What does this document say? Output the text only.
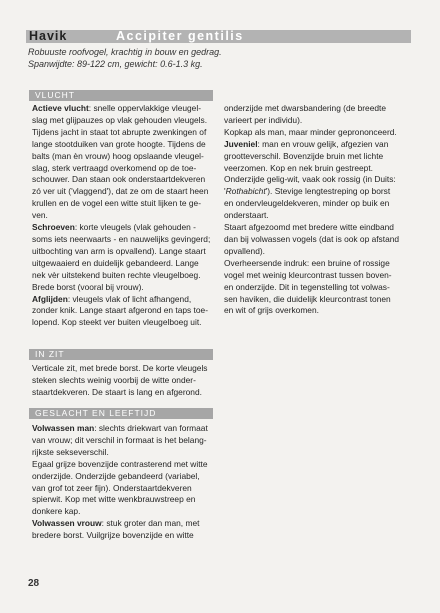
Havik	Accipiter gentilis
Robuuste roofvogel, krachtig in bouw en gedrag.
Spanwijdte: 89-122 cm, gewicht: 0.6-1.3 kg.
VLUCHT
Actieve vlucht: snelle oppervlakkige vleugel-
slag met glijpauzes op vlak gehouden vleugels.
Tijdens jacht in staat tot abrupte zwenkingen of
lange stootduiken van grote hoogte. Tijdens de
balts (man èn vrouw) hoog opslaande vleugel-
slag, sterk vertraagd overkomend op de toe-
schouwer. Dan staan ook onderstaartdekveren
zó ver uit ('vlaggend'), dat ze om de staart heen
krullen en de vogel een witte stuit lijken te ge-
ven.
Schroeven: korte vleugels (vlak gehouden -
soms iets neerwaarts - en nauwelijks gevingerd;
uitbochting van arm is opvallend). Lange staart
uitgewaaierd en duidelijk gebandeerd. Lange
nek vèr uitstekend buiten rechte vleugelboeg.
Brede borst (vooral bij vrouw).
Afglijden: vleugels vlak of licht afhangend,
zonder knik. Lange staart afgerond en taps toe-
lopend. Kop steekt ver buiten vleugelboeg uit.
IN ZIT
Verticale zit, met brede borst. De korte vleugels
steken slechts weinig voorbij de witte onder-
staartdekveren. De staart is lang en afgerond.
GESLACHT EN LEEFTIJD
Volwassen man: slechts driekwart van formaat
van vrouw; dit verschil in formaat is het belang-
rijkste sekseverschil.
Egaal grijze bovenzijde contrasterend met witte
onderzijde. Onderzijde gebandeerd (variabel,
van grof tot zeer fijn). Onderstaartdekveren
spierwit. Kop met witte wenkbrauwstreep en
donkere kap.
Volwassen vrouw: stuk groter dan man, met
bredere borst. Vuilgrijze bovenzijde en witte
onderzijde met dwarsbandering (de breedte
varieert per individu).
Kopkap als man, maar minder geprononceerd.
Juveniel: man en vrouw gelijk, afgezien van
grootteverschil. Bovenzijde bruin met lichte
veerzomen. Kop en nek bruin gestreept.
Onderzijde gelig-wit, vaak ook rossig (in Duits:
'Rothabicht'). Stevige lengtestreping op borst
en ondervleugeldekveren, minder op buik en
onderstaart.
Staart afgezoomd met bredere witte eindband
dan bij volwassen vogels (dat is ook op afstand
opvallend).
Overheersende indruk: een bruine of rossige
vogel met weinig kleurcontrast tussen boven-
en onderzijde. Dit in tegenstelling tot volwas-
sen haviken, die duidelijk kleurcontrast tonen
en wit of grijs overkomen.
28
